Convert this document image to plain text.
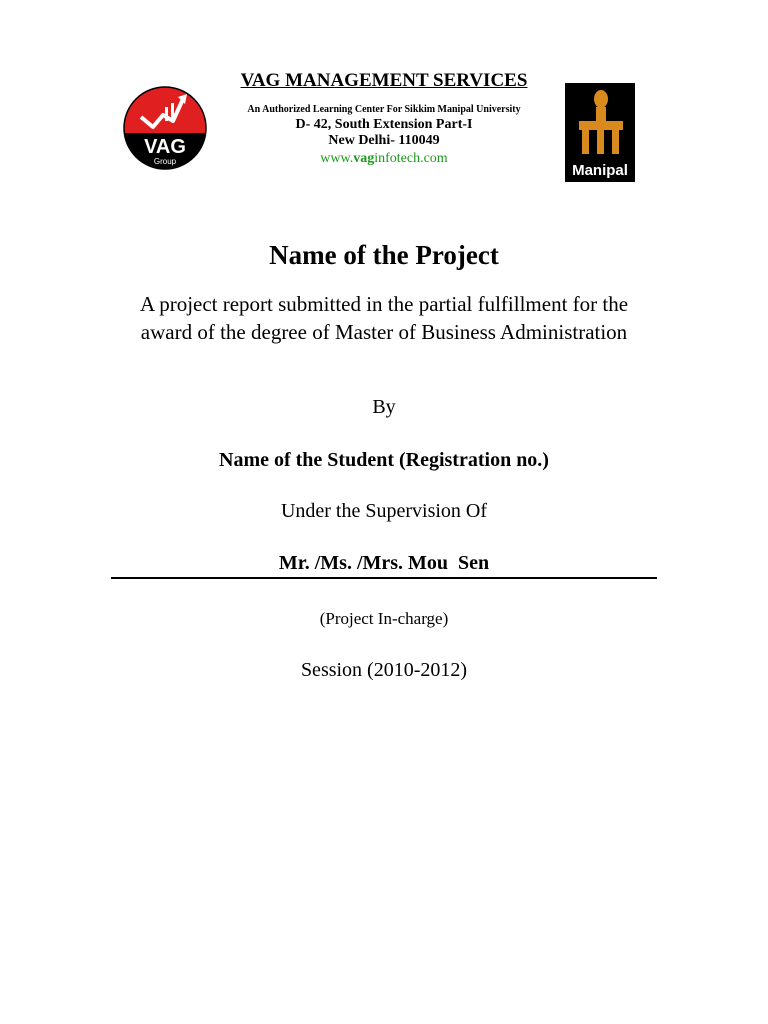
VAG MANAGEMENT SERVICES
An Authorized Learning Center For Sikkim Manipal University
D- 42, South Extension Part-I
New Delhi- 110049
www.vaginfotech.com
VAG
Group
Manipal
Name of the Project
A project report submitted in the partial fulfillment for the
award of the degree of Master of Business Administration
By
Name of the Student (Registration no.)
Under the Supervision Of
Mr. /Ms. /Mrs. Mou  Sen
(Project In-charge)
Session (2010-2012)
